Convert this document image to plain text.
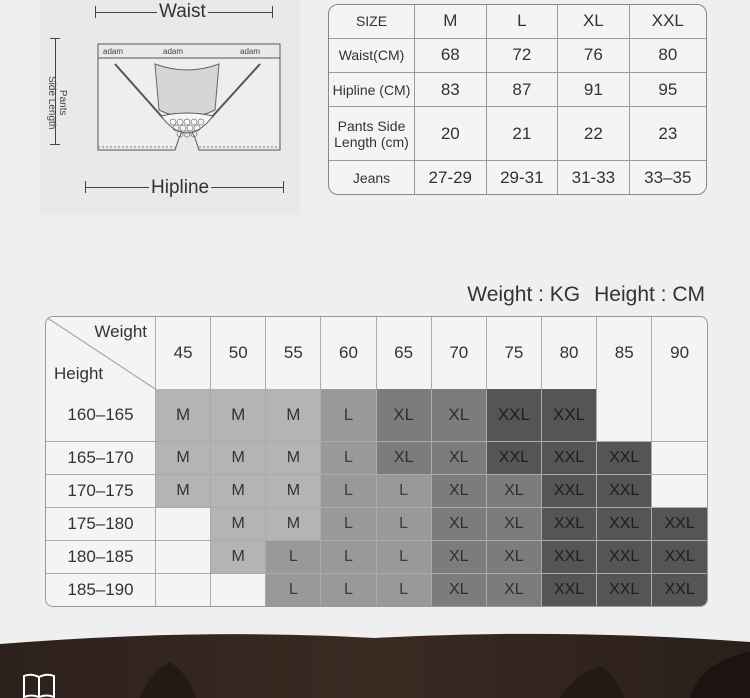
Waist
Pants
Side Length
adam	adam	adam
Hipline
SIZE	M	L	XL	XXL
Waist(CM)	68	72	76	80
Hipline (CM)	83	87	91	95

Pants Side
Length (cm)	20	21	22	23
Jeans	27-29	29-31	31-33	33–35
Weight : KG Height : CM
Weight
Height	45	50	55	60	65	70	75	80	85	90
160–165	M	M	M	L	XL	XL	XXL	XXL		
165–170	M	M	M	L	XL	XL	XXL	XXL	XXL	
170–175	M	M	M	L	L	XL	XL	XXL	XXL	
175–180		M	M	L	L	XL	XL	XXL	XXL	XXL
180–185		M	L	L	L	XL	XL	XXL	XXL	XXL
185–190			L	L	L	XL	XL	XXL	XXL	XXL
